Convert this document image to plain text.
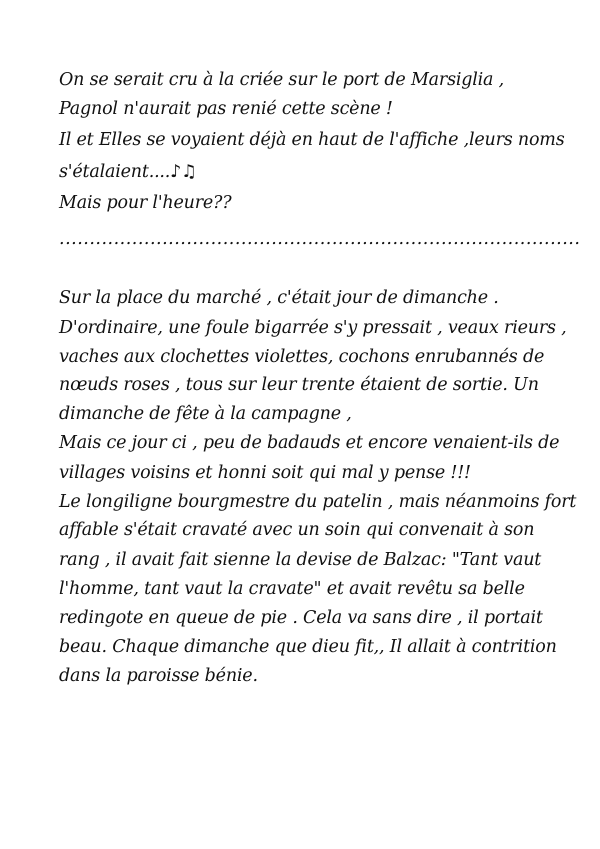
On se serait cru à la criée sur le port de Marsiglia ,
Pagnol n'aurait pas renié cette scène !
Il et Elles se voyaient déjà en haut de l'affiche ,leurs noms
s'étalaient....♪♫
Mais pour l'heure??
......................................................................................
Sur la place du marché , c'était jour de dimanche .
D'ordinaire, une foule bigarrée s'y pressait , veaux rieurs ,
vaches aux clochettes violettes, cochons enrubannés de
nœuds roses , tous sur leur trente étaient de sortie. Un
dimanche de fête à la campagne ,
Mais ce jour ci , peu de badauds et encore venaient-ils de
villages voisins et honni soit qui mal y pense !!!
Le longiligne bourgmestre du patelin , mais néanmoins fort
affable s'était cravaté avec un soin qui convenait à son
rang , il avait fait sienne la devise de Balzac: "Tant vaut
l'homme, tant vaut la cravate" et avait revêtu sa belle
redingote en queue de pie . Cela va sans dire , il portait
beau. Chaque dimanche que dieu fit,, Il allait à contrition
dans la paroisse bénie.
